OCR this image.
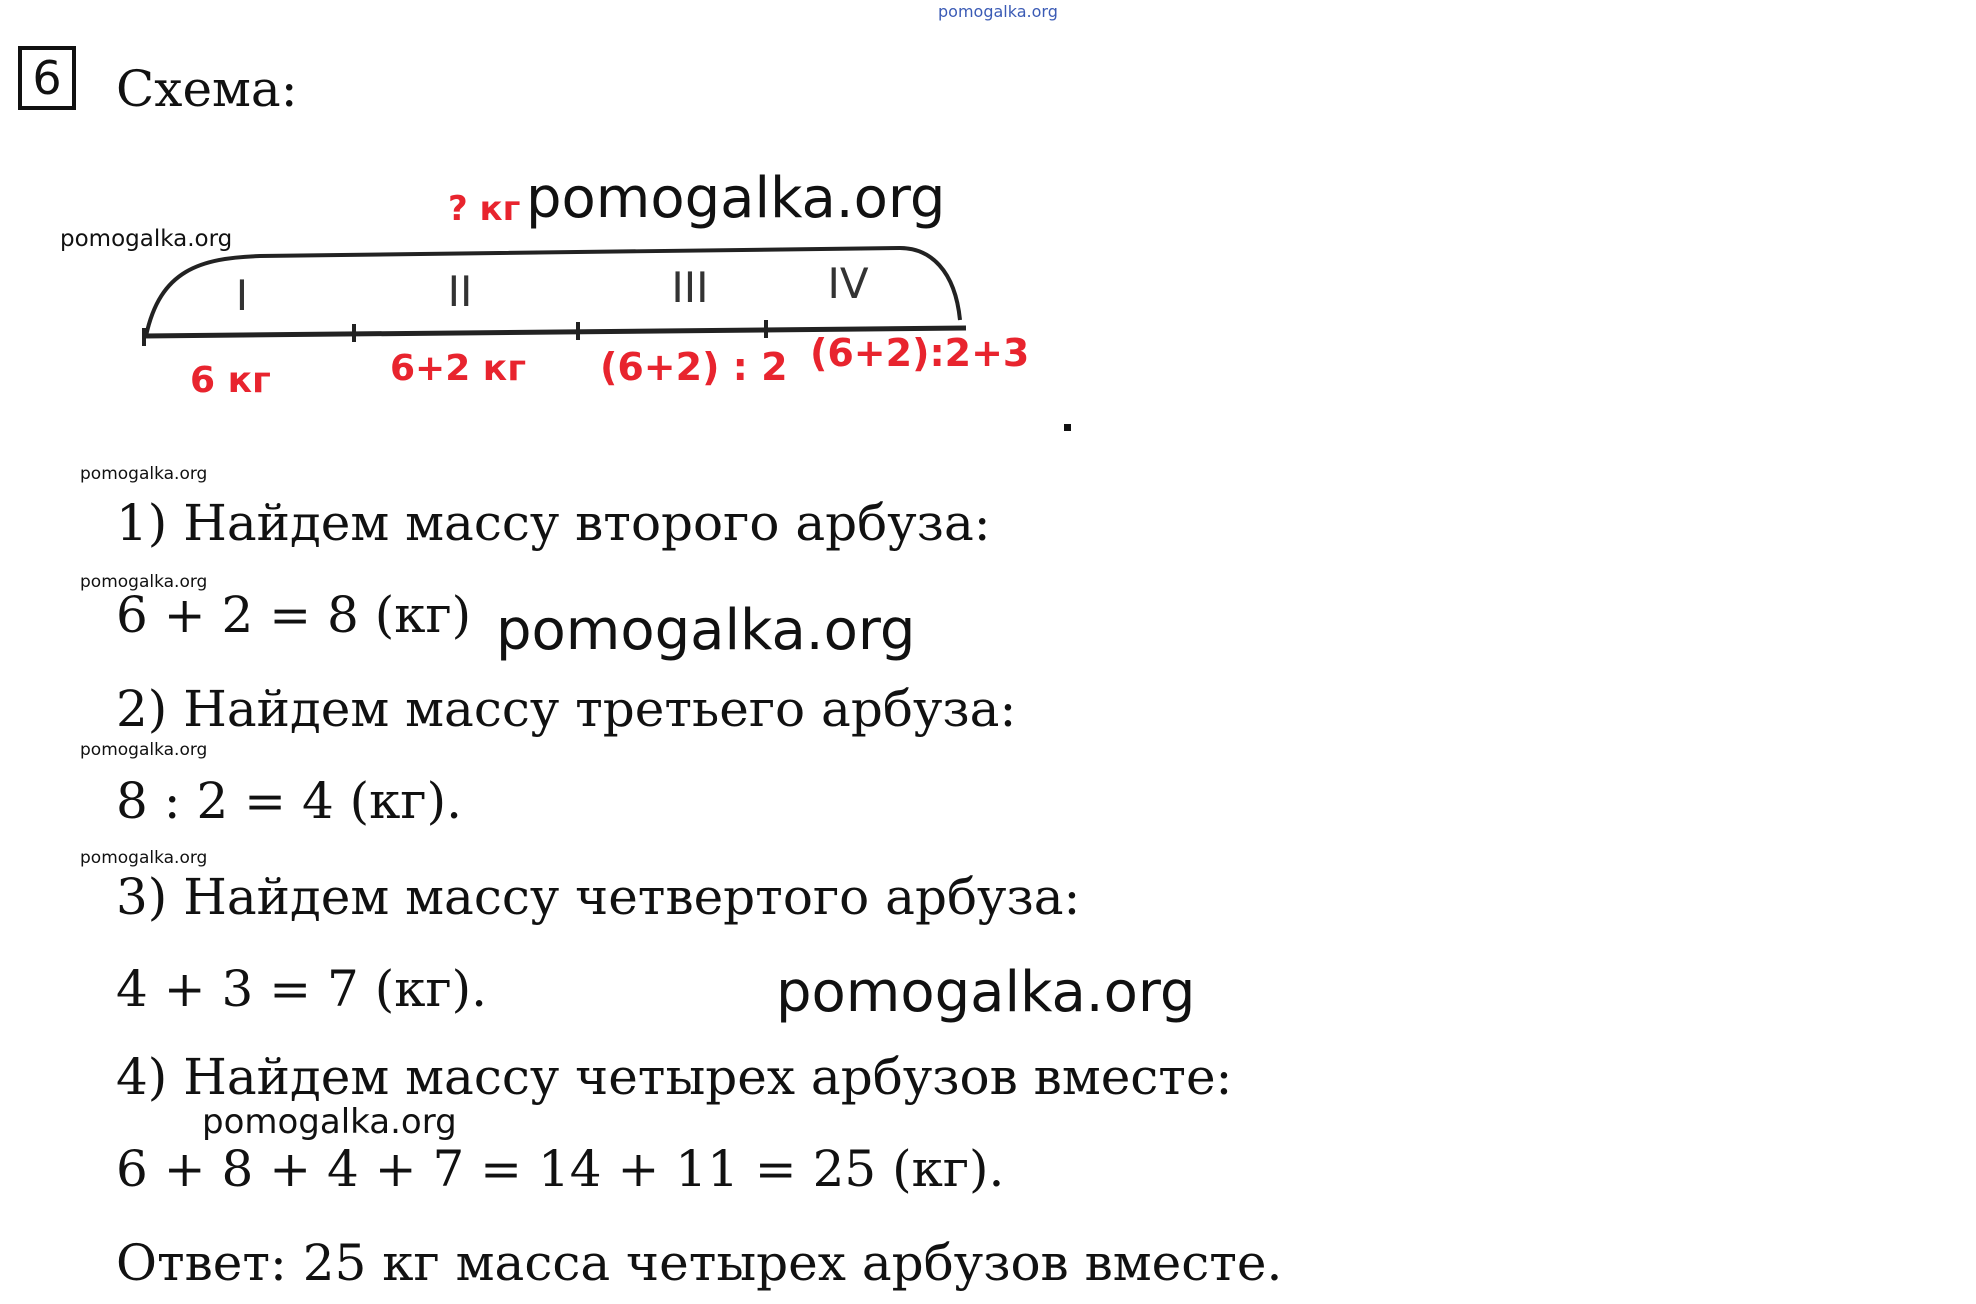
pomogalka.org
6 Схема:
pomogalka.org
I	II	III	IV
? кг
6 кг	6+2 кг (6+2) : 2 (6+2):2+3
pomogalka.org
pomogalka.org
1) Найдем массу второго арбуза:
pomogalka.org
6 + 2 = 8 (кг) pomogalka.org
2) Найдем массу третьего арбуза:
pomogalka.org
8 : 2 = 4 (кг).
pomogalka.org
3) Найдем массу четвертого арбуза:
4 + 3 = 7 (кг).	pomogalka.org
4) Найдем массу четырех арбузов вместе:
pomogalka.org
6 + 8 + 4 + 7 = 14 + 11 = 25 (кг).
Ответ: 25 кг масса четырех арбузов вместе.
